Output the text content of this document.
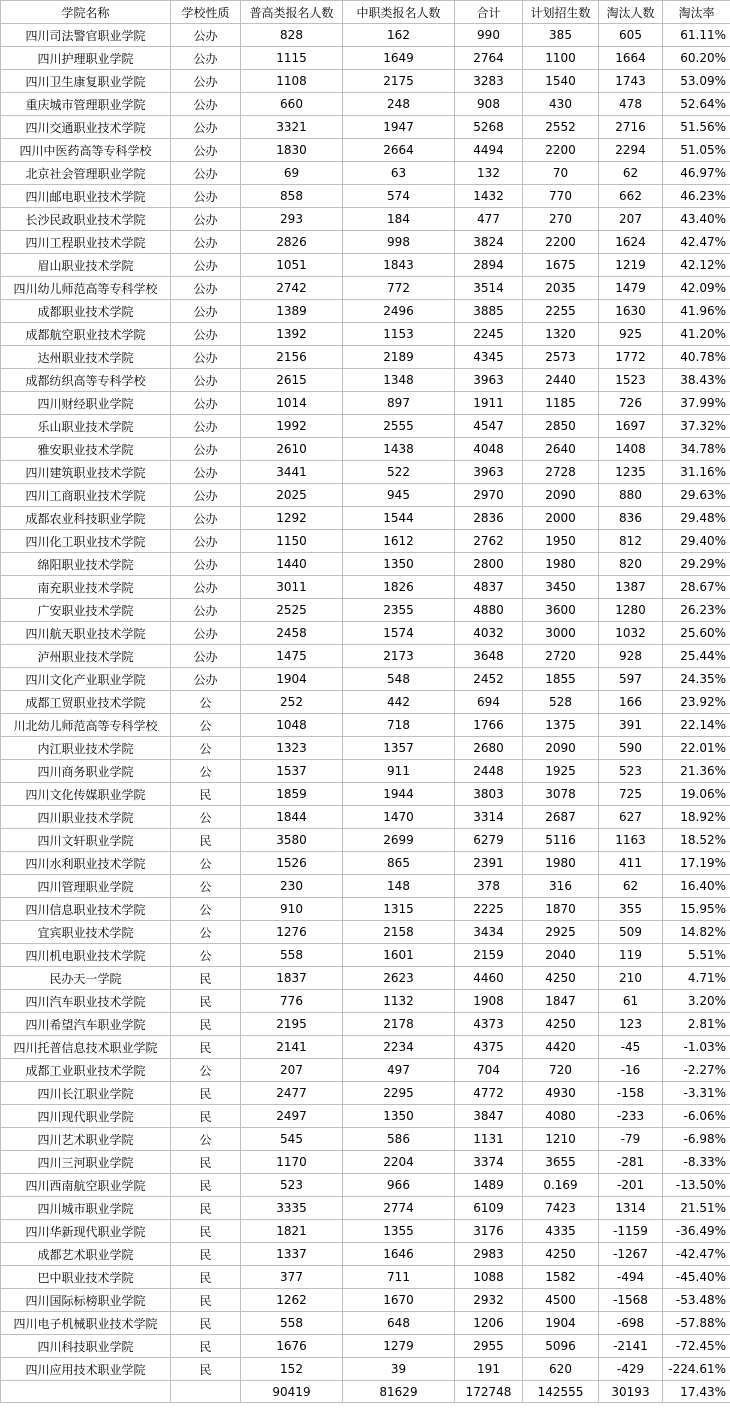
学院名称	学校性质	普高类报名人数	中职类报名人数	合计	计划招生数	淘汰人数	淘汰率
四川司法警官职业学院	公办	828	162	990	385	605	61.11%
四川护理职业学院	公办	1115	1649	2764	1100	1664	60.20%
四川卫生康复职业学院	公办	1108	2175	3283	1540	1743	53.09%
重庆城市管理职业学院	公办	660	248	908	430	478	52.64%
四川交通职业技术学院	公办	3321	1947	5268	2552	2716	51.56%
四川中医药高等专科学校	公办	1830	2664	4494	2200	2294	51.05%
北京社会管理职业学院	公办	69	63	132	70	62	46.97%
四川邮电职业技术学院	公办	858	574	1432	770	662	46.23%
长沙民政职业技术学院	公办	293	184	477	270	207	43.40%
四川工程职业技术学院	公办	2826	998	3824	2200	1624	42.47%
眉山职业技术学院	公办	1051	1843	2894	1675	1219	42.12%
四川幼儿师范高等专科学校	公办	2742	772	3514	2035	1479	42.09%
成都职业技术学院	公办	1389	2496	3885	2255	1630	41.96%
成都航空职业技术学院	公办	1392	1153	2245	1320	925	41.20%
达州职业技术学院	公办	2156	2189	4345	2573	1772	40.78%
成都纺织高等专科学校	公办	2615	1348	3963	2440	1523	38.43%
四川财经职业学院	公办	1014	897	1911	1185	726	37.99%
乐山职业技术学院	公办	1992	2555	4547	2850	1697	37.32%
雅安职业技术学院	公办	2610	1438	4048	2640	1408	34.78%
四川建筑职业技术学院	公办	3441	522	3963	2728	1235	31.16%
四川工商职业技术学院	公办	2025	945	2970	2090	880	29.63%
成都农业科技职业学院	公办	1292	1544	2836	2000	836	29.48%
四川化工职业技术学院	公办	1150	1612	2762	1950	812	29.40%
绵阳职业技术学院	公办	1440	1350	2800	1980	820	29.29%
南充职业技术学院	公办	3011	1826	4837	3450	1387	28.67%
广安职业技术学院	公办	2525	2355	4880	3600	1280	26.23%
四川航天职业技术学院	公办	2458	1574	4032	3000	1032	25.60%
泸州职业技术学院	公办	1475	2173	3648	2720	928	25.44%
四川文化产业职业学院	公办	1904	548	2452	1855	597	24.35%
成都工贸职业技术学院	公	252	442	694	528	166	23.92%
川北幼儿师范高等专科学校	公	1048	718	1766	1375	391	22.14%
内江职业技术学院	公	1323	1357	2680	2090	590	22.01%
四川商务职业学院	公	1537	911	2448	1925	523	21.36%
四川文化传媒职业学院	民	1859	1944	3803	3078	725	19.06%
四川职业技术学院	公	1844	1470	3314	2687	627	18.92%
四川文轩职业学院	民	3580	2699	6279	5116	1163	18.52%
四川水利职业技术学院	公	1526	865	2391	1980	411	17.19%
四川管理职业学院	公	230	148	378	316	62	16.40%
四川信息职业技术学院	公	910	1315	2225	1870	355	15.95%
宜宾职业技术学院	公	1276	2158	3434	2925	509	14.82%
四川机电职业技术学院	公	558	1601	2159	2040	119	5.51%
民办天一学院	民	1837	2623	4460	4250	210	4.71%
四川汽车职业技术学院	民	776	1132	1908	1847	61	3.20%
四川希望汽车职业学院	民	2195	2178	4373	4250	123	2.81%
四川托普信息技术职业学院	民	2141	2234	4375	4420	-45	-1.03%
成都工业职业技术学院	公	207	497	704	720	-16	-2.27%
四川长江职业学院	民	2477	2295	4772	4930	-158	-3.31%
四川现代职业学院	民	2497	1350	3847	4080	-233	-6.06%
四川艺术职业学院	公	545	586	1131	1210	-79	-6.98%
四川三河职业学院	民	1170	2204	3374	3655	-281	-8.33%
四川西南航空职业学院	民	523	966	1489	0.169	-201	-13.50%
四川城市职业学院	民	3335	2774	6109	7423	1314	21.51%
四川华新现代职业学院	民	1821	1355	3176	4335	-1159	-36.49%
成都艺术职业学院	民	1337	1646	2983	4250	-1267	-42.47%
巴中职业技术学院	民	377	711	1088	1582	-494	-45.40%
四川国际标榜职业学院	民	1262	1670	2932	4500	-1568	-53.48%
四川电子机械职业技术学院	民	558	648	1206	1904	-698	-57.88%
四川科技职业学院	民	1676	1279	2955	5096	-2141	-72.45%
四川应用技术职业学院	民	152	39	191	620	-429	-224.61%
		90419	81629	172748	142555	30193	17.43%
